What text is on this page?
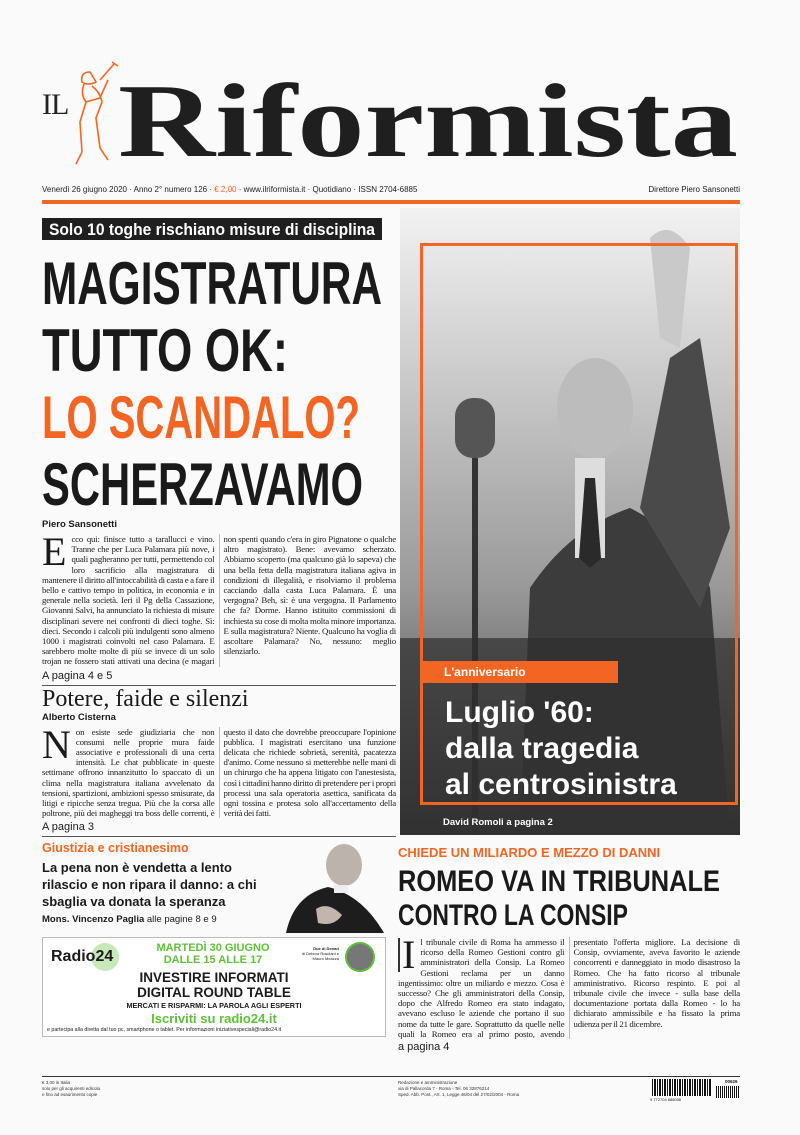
IL Riformista
Venerdì 26 giugno 2020 · Anno 2° numero 126 · € 2,00 · www.ilriformista.it · Quotidiano · ISSN 2704-6885	Direttore Piero Sansonetti
Solo 10 toghe rischiano misure di disciplina
MAGISTRATURA
TUTTO OK:
LO SCANDALO?
SCHERZAVAMO
Piero Sansonetti
Ecco qui: finisce tutto a tarallucci e vino. Tranne che per Luca Palamara più nove, i quali pagheranno per tutti, permettendo col loro sacrificio alla magistratura di mantenere il diritto all'intoccabilità di casta e a fare il bello e cattivo tempo in politica, in economia e in generale nella società. Ieri il Pg della Cassazione, Giovanni Salvi, ha annunciato la richiesta di misure disciplinari severe nei confronti di dieci toghe. Sì: dieci. Secondo i calcoli più indulgenti sono almeno 1000 i magistrati coinvolti nel caso Palamara. E sarebbero molte molte di più se invece di un solo trojan ne fossero stati attivati una decina (e magari non spenti quando c'era in giro Pignatone o qualche altro magistrato). Bene: avevamo scherzato. Abbiamo scoperto (ma qualcuno già lo sapeva) che una bella fetta della magistratura italiana agiva in condizioni di illegalità, e risolviamo il problema cacciando dalla casta Luca Palamara. È una vergogna? Beh, sì: è una vergogna. Il Parlamento che fa? Dorme. Hanno istituito commissioni di inchiesta su cose di molta molta minore importanza. E sulla magistratura? Niente. Qualcuno ha voglia di ascoltare Palamara? No, nessuno: meglio silenziarlo.
A pagina 4 e 5
Potere, faide e silenzi
Alberto Cisterna
Non esiste sede giudiziaria che non consumi nelle proprie mura faide associative e professionali di una certa intensità. Le chat pubblicate in queste settimane offrono innanzitutto lo spaccato di un clima nella magistratura italiana avvelenato da tensioni, spartizioni, ambizioni spesso smisurate, da litigi e ripicche senza tregua. Più che la corsa alle poltrone, più dei magheggi tra boss delle correnti, è questo il dato che dovrebbe preoccupare l'opinione pubblica. I magistrati esercitano una funzione delicata che richiede sobrietà, serenità, pacatezza d'animo. Come nessuno si metterebbe nelle mani di un chirurgo che ha appena litigato con l'anestesista, così i cittadini hanno diritto di pretendere per i propri processi una sala operatoria asettica, sanificata da ogni tossina e protesa solo all'accertamento della verità dei fatti.
A pagina 3
Giustizia e cristianesimo
La pena non è vendetta a lento rilascio e non ripara il danno: a chi sbaglia va donata la speranza
Mons. Vincenzo Paglia alle pagine 8 e 9
Radio24	MARTEDÌ 30 GIUGNO
DALLE 15 ALLE 17
Due di Denari
di Debora Rosciani e Mauro Meazza
INVESTIRE INFORMATI
DIGITAL ROUND TABLE
MERCATI E RISPARMI: LA PAROLA AGLI ESPERTI
Iscriviti su radio24.it
e partecipa alla diretta dal tuo pc, smartphone o tablet. Per informazioni iniziativespeciali@radio24.it
L'anniversario
Luglio '60:
dalla tragedia
al centrosinistra
David Romoli a pagina 2
CHIEDE UN MILIARDO E MEZZO DI DANNI
ROMEO VA IN TRIBUNALE
CONTRO LA CONSIP
I l tribunale civile di Roma ha ammesso il ricorso della Romeo Gestioni contro gli amministratori della Consip. La Romeo Gestioni reclama per un danno ingentissimo: oltre un miliardo e mezzo. Cosa è successo? Che gli amministratori della Consip, dopo che Alfredo Romeo era stato indagato, avevano escluso le aziende che portano il suo nome da tutte le gare. Soprattutto da quelle nelle quali la Romeo era al primo posto, avendo presentato l'offerta migliore. La decisione di Consip, ovviamente, aveva favorito le aziende concorrenti e danneggiato in modo disastroso la Romeo. Che ha fatto ricorso al tribunale amministrativo. Ricorso respinto. E poi al tribunale civile che invece - sulla base della documentazione portata dalla Romeo - lo ha dichiarato ammissibile e ha fissato la prima udienza per il 21 dicembre.
a pagina 4
€ 3,00 in Italia
solo per gli acquirenti edicola
e fino ad esaurimento copie
Redazione e amministrazione
via di Pallacorda 7 - Roma - Tel. 06 32876214
Sped. Abb. Post., Art. 1, Legge 46/04 del 27/02/2004 - Roma
9 772704 688006
00626
